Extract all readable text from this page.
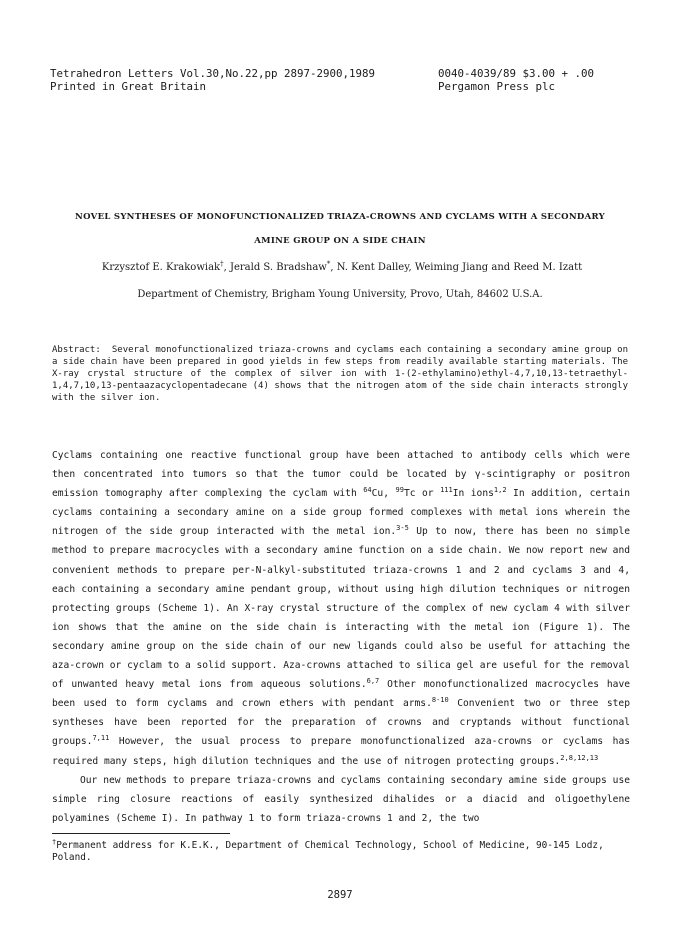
Tetrahedron Letters Vol.30,No.22,pp 2897-2900,1989
Printed in Great Britain
0040-4039/89 $3.00 + .00
Pergamon Press plc
NOVEL SYNTHESES OF MONOFUNCTIONALIZED TRIAZA-CROWNS AND CYCLAMS WITH A SECONDARY
AMINE GROUP ON A SIDE CHAIN
Krzysztof E. Krakowiak†, Jerald S. Bradshaw*, N. Kent Dalley, Weiming Jiang and Reed M. Izatt
Department of Chemistry, Brigham Young University, Provo, Utah, 84602 U.S.A.
Abstract: Several monofunctionalized triaza-crowns and cyclams each containing a secondary amine group on a side chain have been prepared in good yields in few steps from readily available starting materials. The X-ray crystal structure of the complex of silver ion with 1-(2-ethylamino)ethyl-4,7,10,13-tetraethyl-1,4,7,10,13-pentaazacyclopentadecane (4) shows that the nitrogen atom of the side chain interacts strongly with the silver ion.

Cyclams containing one reactive functional group have been attached to antibody cells which were then concentrated into tumors so that the tumor could be located by γ-scintigraphy or positron emission tomography after complexing the cyclam with $^{64}$Cu, $^{99}$Tc or $^{111}$In ions$^{1,2}$ In addition, certain cyclams containing a secondary amine on a side group formed complexes with metal ions wherein the nitrogen of the side group interacted with the metal ion.$^{3-5}$ Up to now, there has been no simple method to prepare macrocycles with a secondary amine function on a side chain. We now report new and convenient methods to prepare per-N-alkyl-substituted triaza-crowns 1 and 2 and cyclams 3 and 4, each containing a secondary amine pendant group, without using high dilution techniques or nitrogen protecting groups (Scheme 1). An X-ray crystal structure of the complex of new cyclam 4 with silver ion shows that the amine on the side chain is interacting with the metal ion (Figure 1). The secondary amine group on the side chain of our new ligands could also be useful for attaching the aza-crown or cyclam to a solid support. Aza-crowns attached to silica gel are useful for the removal of unwanted heavy metal ions from aqueous solutions.$^{6,7}$ Other monofunctionalized macrocycles have been used to form cyclams and crown ethers with pendant arms.$^{8-10}$ Convenient two or three step syntheses have been reported for the preparation of crowns and cryptands without functional groups.$^{7,11}$ However, the usual process to prepare monofunctionalized aza-crowns or cyclams has required many steps, high dilution techniques and the use of nitrogen protecting groups.$^{2,8,12,13}$

Our new methods to prepare triaza-crowns and cyclams containing secondary amine side groups use simple ring closure reactions of easily synthesized dihalides or a diacid and oligoethylene polyamines (Scheme I). In pathway 1 to form triaza-crowns 1 and 2, the two

†Permanent address for K.E.K., Department of Chemical Technology, School of Medicine, 90-145 Lodz, Poland.
2897
